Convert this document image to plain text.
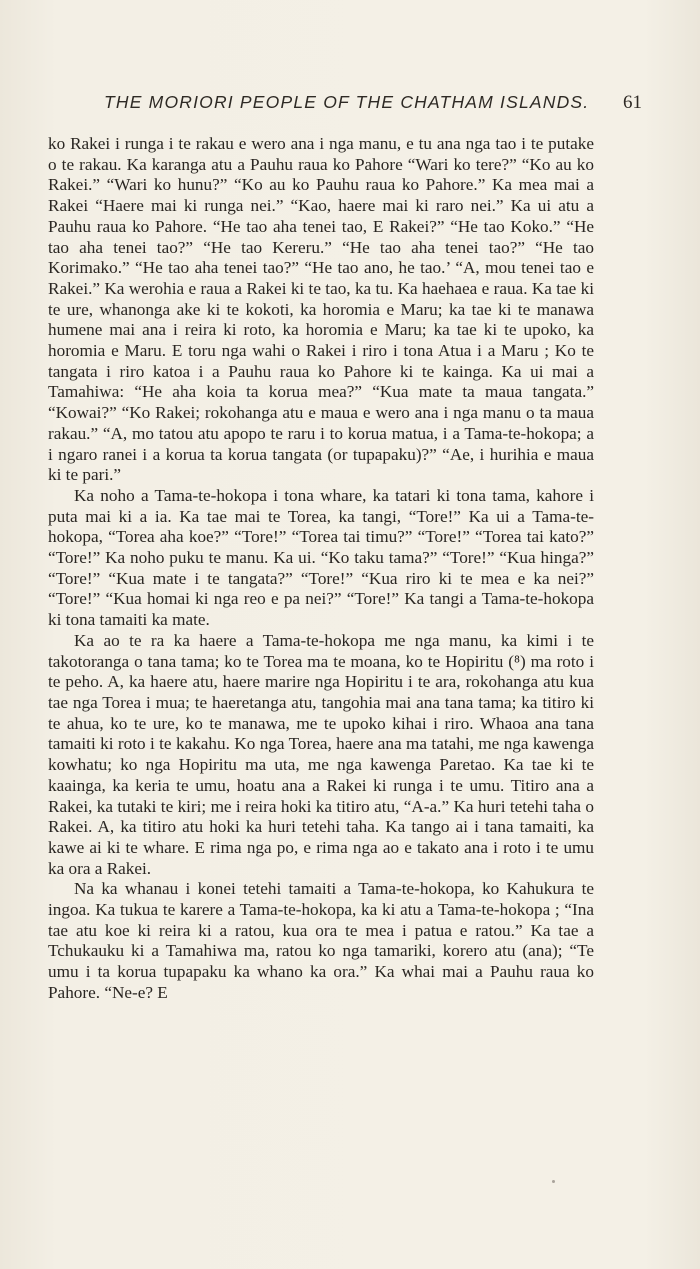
THE MORIORI PEOPLE OF THE CHATHAM ISLANDS. 61

ko Rakei i runga i te rakau e wero ana i nga manu, e tu ana nga tao i te putake o te rakau. Ka karanga atu a Pauhu raua ko Pahore “Wari ko tere?” “Ko au ko Rakei.” “Wari ko hunu?” “Ko au ko Pauhu raua ko Pahore.” Ka mea mai a Rakei “Haere mai ki runga nei.” “Kao, haere mai ki raro nei.” Ka ui atu a Pauhu raua ko Pahore. “He tao aha tenei tao, E Rakei?” “He tao Koko.” “He tao aha tenei tao?” “He tao Kereru.” “He tao aha tenei tao?” “He tao Korimako.” “He tao aha tenei tao?” “He tao ano, he tao.’ “A, mou tenei tao e Rakei.” Ka werohia e raua a Rakei ki te tao, ka tu. Ka haehaea e raua. Ka tae ki te ure, whanonga ake ki te kokoti, ka horomia e Maru; ka tae ki te manawa humene mai ana i reira ki roto, ka horomia e Maru; ka tae ki te upoko, ka horomia e Maru. E toru nga wahi o Rakei i riro i tona Atua i a Maru ; Ko te tangata i riro katoa i a Pauhu raua ko Pahore ki te kainga. Ka ui mai a Tamahiwa: “He aha koia ta korua mea?” “Kua mate ta maua tangata.” “Kowai?” “Ko Rakei; rokohanga atu e maua e wero ana i nga manu o ta maua rakau.” “A, mo tatou atu apopo te raru i to korua matua, i a Tama-te-hokopa; a i ngaro ranei i a korua ta korua tangata (or tupapaku)?” “Ae, i hurihia e maua ki te pari.”

Ka noho a Tama-te-hokopa i tona whare, ka tatari ki tona tama, kahore i puta mai ki a ia. Ka tae mai te Torea, ka tangi, “Tore!” Ka ui a Tama-te-hokopa, “Torea aha koe?” “Tore!” “Torea tai timu?” “Tore!” “Torea tai kato?” “Tore!” Ka noho puku te manu. Ka ui. “Ko taku tama?” “Tore!” “Kua hinga?” “Tore!” “Kua mate i te tangata?” “Tore!” “Kua riro ki te mea e ka nei?” “Tore!” “Kua homai ki nga reo e pa nei?” “Tore!” Ka tangi a Tama-te-hokopa ki tona tamaiti ka mate.

Ka ao te ra ka haere a Tama-te-hokopa me nga manu, ka kimi i te takotoranga o tana tama; ko te Torea ma te moana, ko te Hopiritu (⁸) ma roto i te peho. A, ka haere atu, haere marire nga Hopiritu i te ara, rokohanga atu kua tae nga Torea i mua; te haeretanga atu, tangohia mai ana tana tama; ka titiro ki te ahua, ko te ure, ko te manawa, me te upoko kihai i riro. Whaoa ana tana tamaiti ki roto i te kakahu. Ko nga Torea, haere ana ma tatahi, me nga kawenga kowhatu; ko nga Hopiritu ma uta, me nga kawenga Paretao. Ka tae ki te kaainga, ka keria te umu, hoatu ana a Rakei ki runga i te umu. Titiro ana a Rakei, ka tutaki te kiri; me i reira hoki ka titiro atu, “A-a.” Ka huri tetehi taha o Rakei. A, ka titiro atu hoki ka huri tetehi taha. Ka tango ai i tana tamaiti, ka kawe ai ki te whare. E rima nga po, e rima nga ao e takato ana i roto i te umu ka ora a Rakei.

Na ka whanau i konei tetehi tamaiti a Tama-te-hokopa, ko Kahukura te ingoa. Ka tukua te karere a Tama-te-hokopa, ka ki atu a Tama-te-hokopa ; “Ina tae atu koe ki reira ki a ratou, kua ora te mea i patua e ratou.” Ka tae a Tchukauku ki a Tamahiwa ma, ratou ko nga tamariki, korero atu (ana); “Te umu i ta korua tupapaku ka whano ka ora.” Ka whai mai a Pauhu raua ko Pahore. “Ne-e? E
